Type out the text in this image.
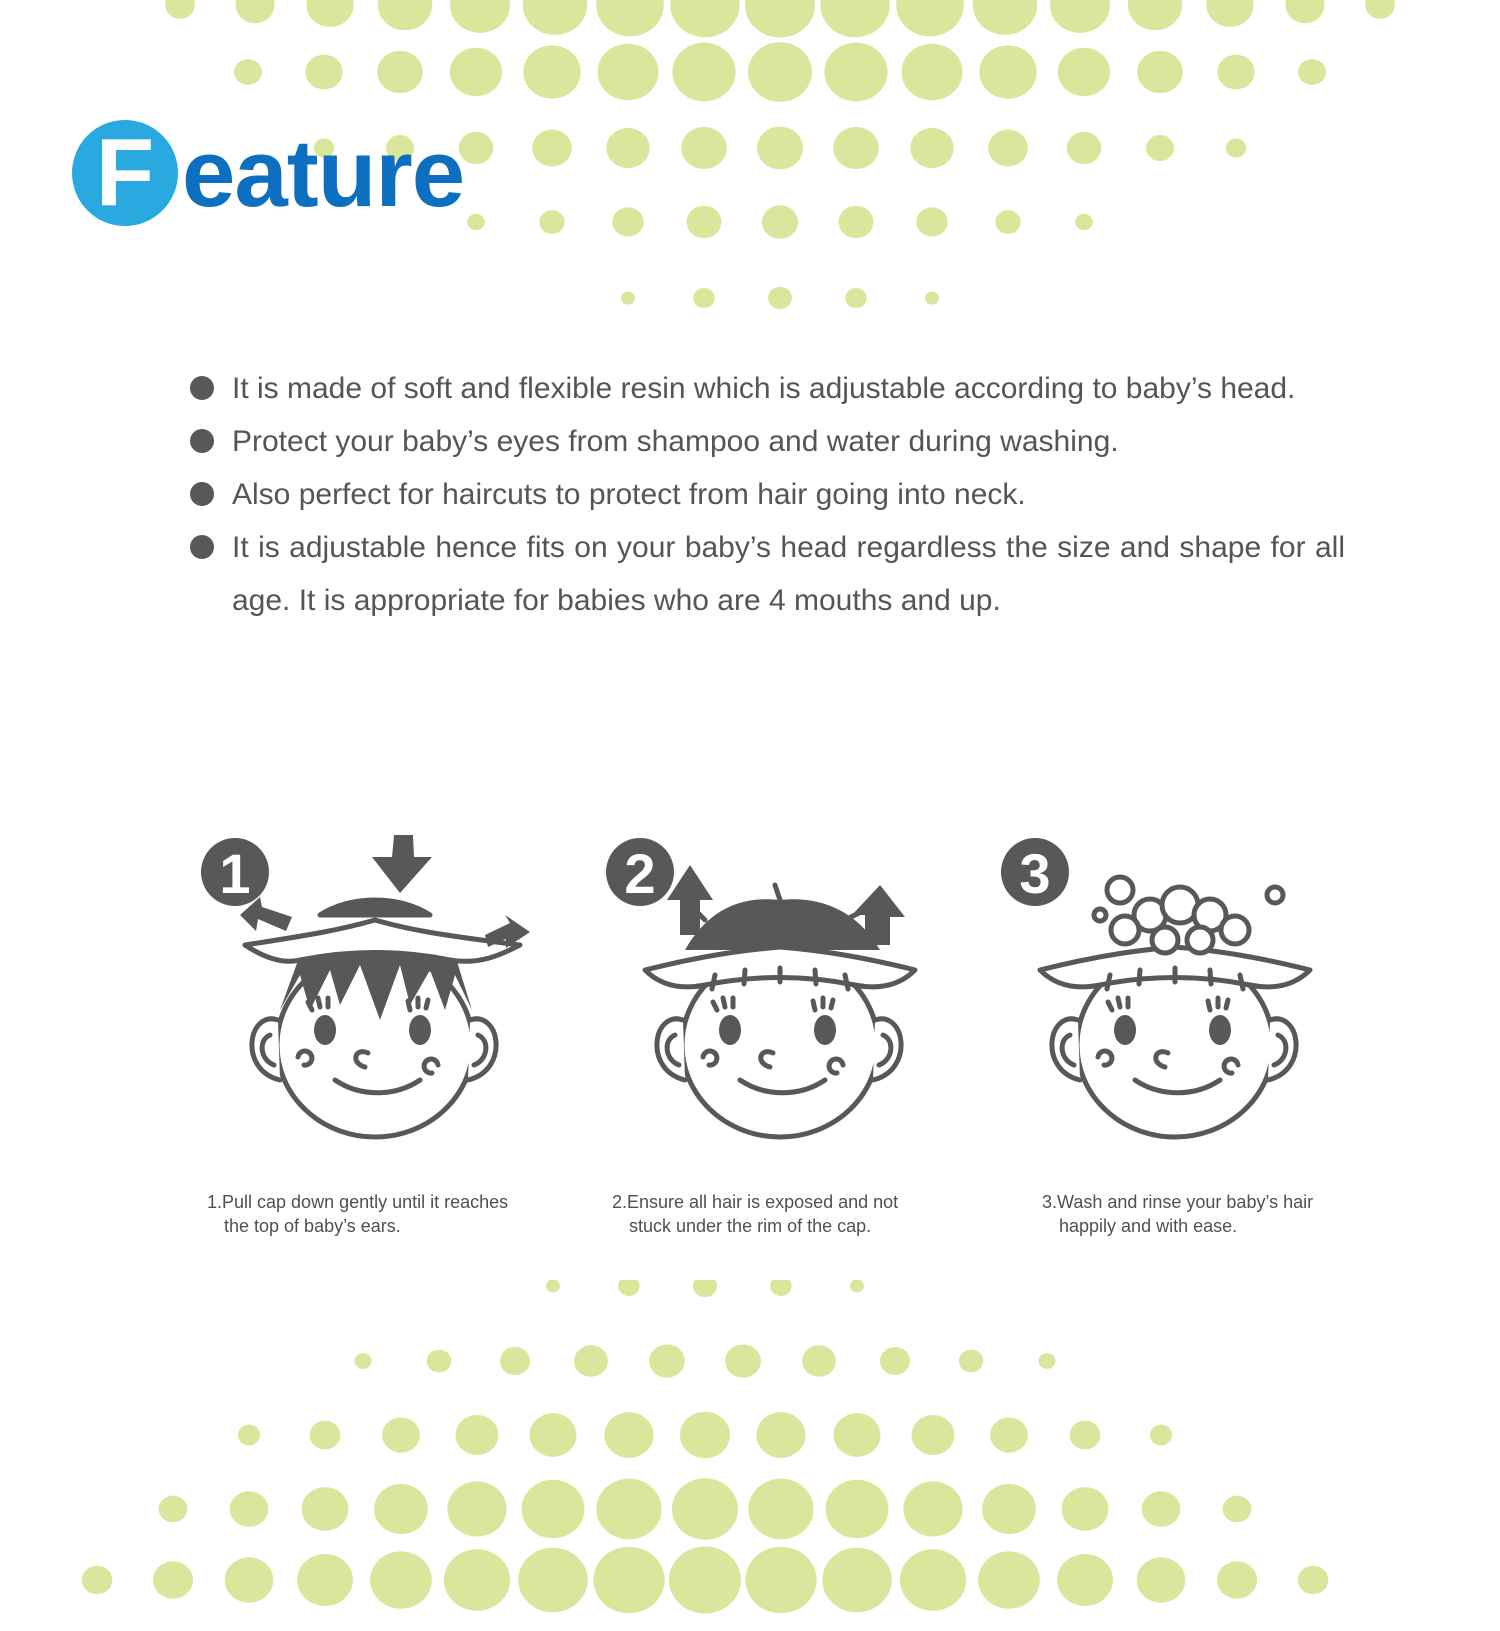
F eature
It is made of soft and flexible resin which is adjustable according to baby’s head.
Protect your baby’s eyes from shampoo and water during washing.
Also perfect for haircuts to protect from hair going into neck.
It is adjustable hence fits on your baby’s head regardless the size and shape for all age. It is appropriate for babies who are 4 mouths and up.
1
1.Pull cap down gently until it reaches
the top of baby’s ears.
2
2.Ensure all hair is exposed and not
stuck under the rim of the cap.
3
3.Wash and rinse your baby’s hair
happily and with ease.
